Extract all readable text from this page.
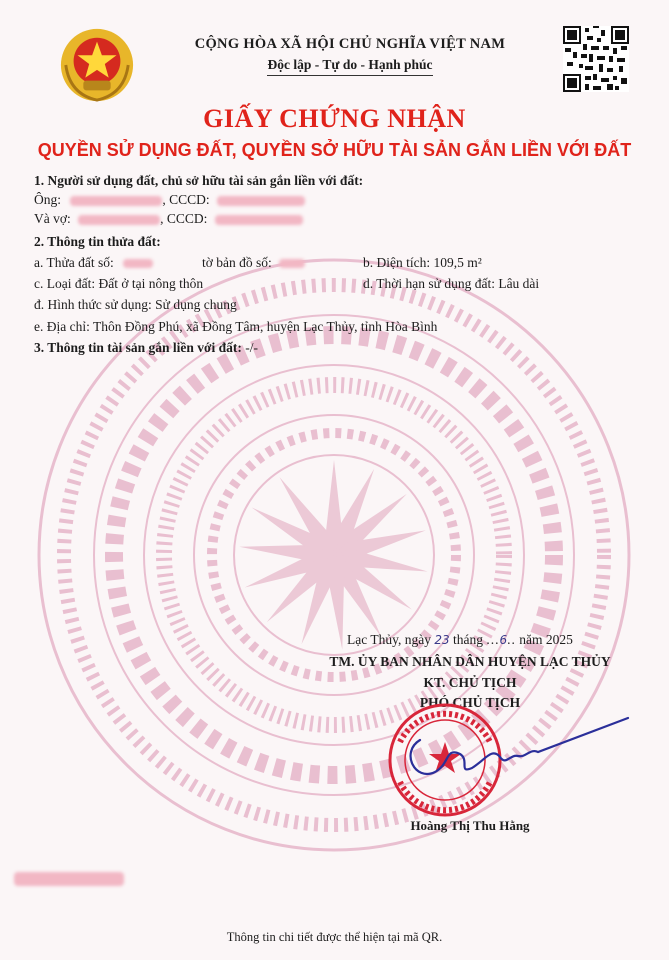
CỘNG HÒA XÃ HỘI CHỦ NGHĨA VIỆT NAM
Độc lập - Tự do - Hạnh phúc
GIẤY CHỨNG NHẬN
QUYỀN SỬ DỤNG ĐẤT, QUYỀN SỞ HỮU TÀI SẢN GẮN LIỀN VỚI ĐẤT
1. Người sử dụng đất, chủ sở hữu tài sản gắn liền với đất:
Ông:	, CCCD:
Và vợ:	, CCCD:
2. Thông tin thửa đất:
a. Thửa đất số:	tờ bản đồ số:	b. Diện tích: 109,5 m²
c. Loại đất: Đất ở tại nông thôn	d. Thời hạn sử dụng đất: Lâu dài
đ. Hình thức sử dụng: Sử dụng chung
e. Địa chỉ: Thôn Đồng Phú, xã Đồng Tâm, huyện Lạc Thủy, tỉnh Hòa Bình
3. Thông tin tài sản gắn liền với đất: -/-
Lạc Thủy, ngày 23 tháng ...6.. năm 2025
TM. ỦY BAN NHÂN DÂN HUYỆN LẠC THỦY
KT. CHỦ TỊCH
PHÓ CHỦ TỊCH
Hoàng Thị Thu Hằng
Thông tin chi tiết được thể hiện tại mã QR.
